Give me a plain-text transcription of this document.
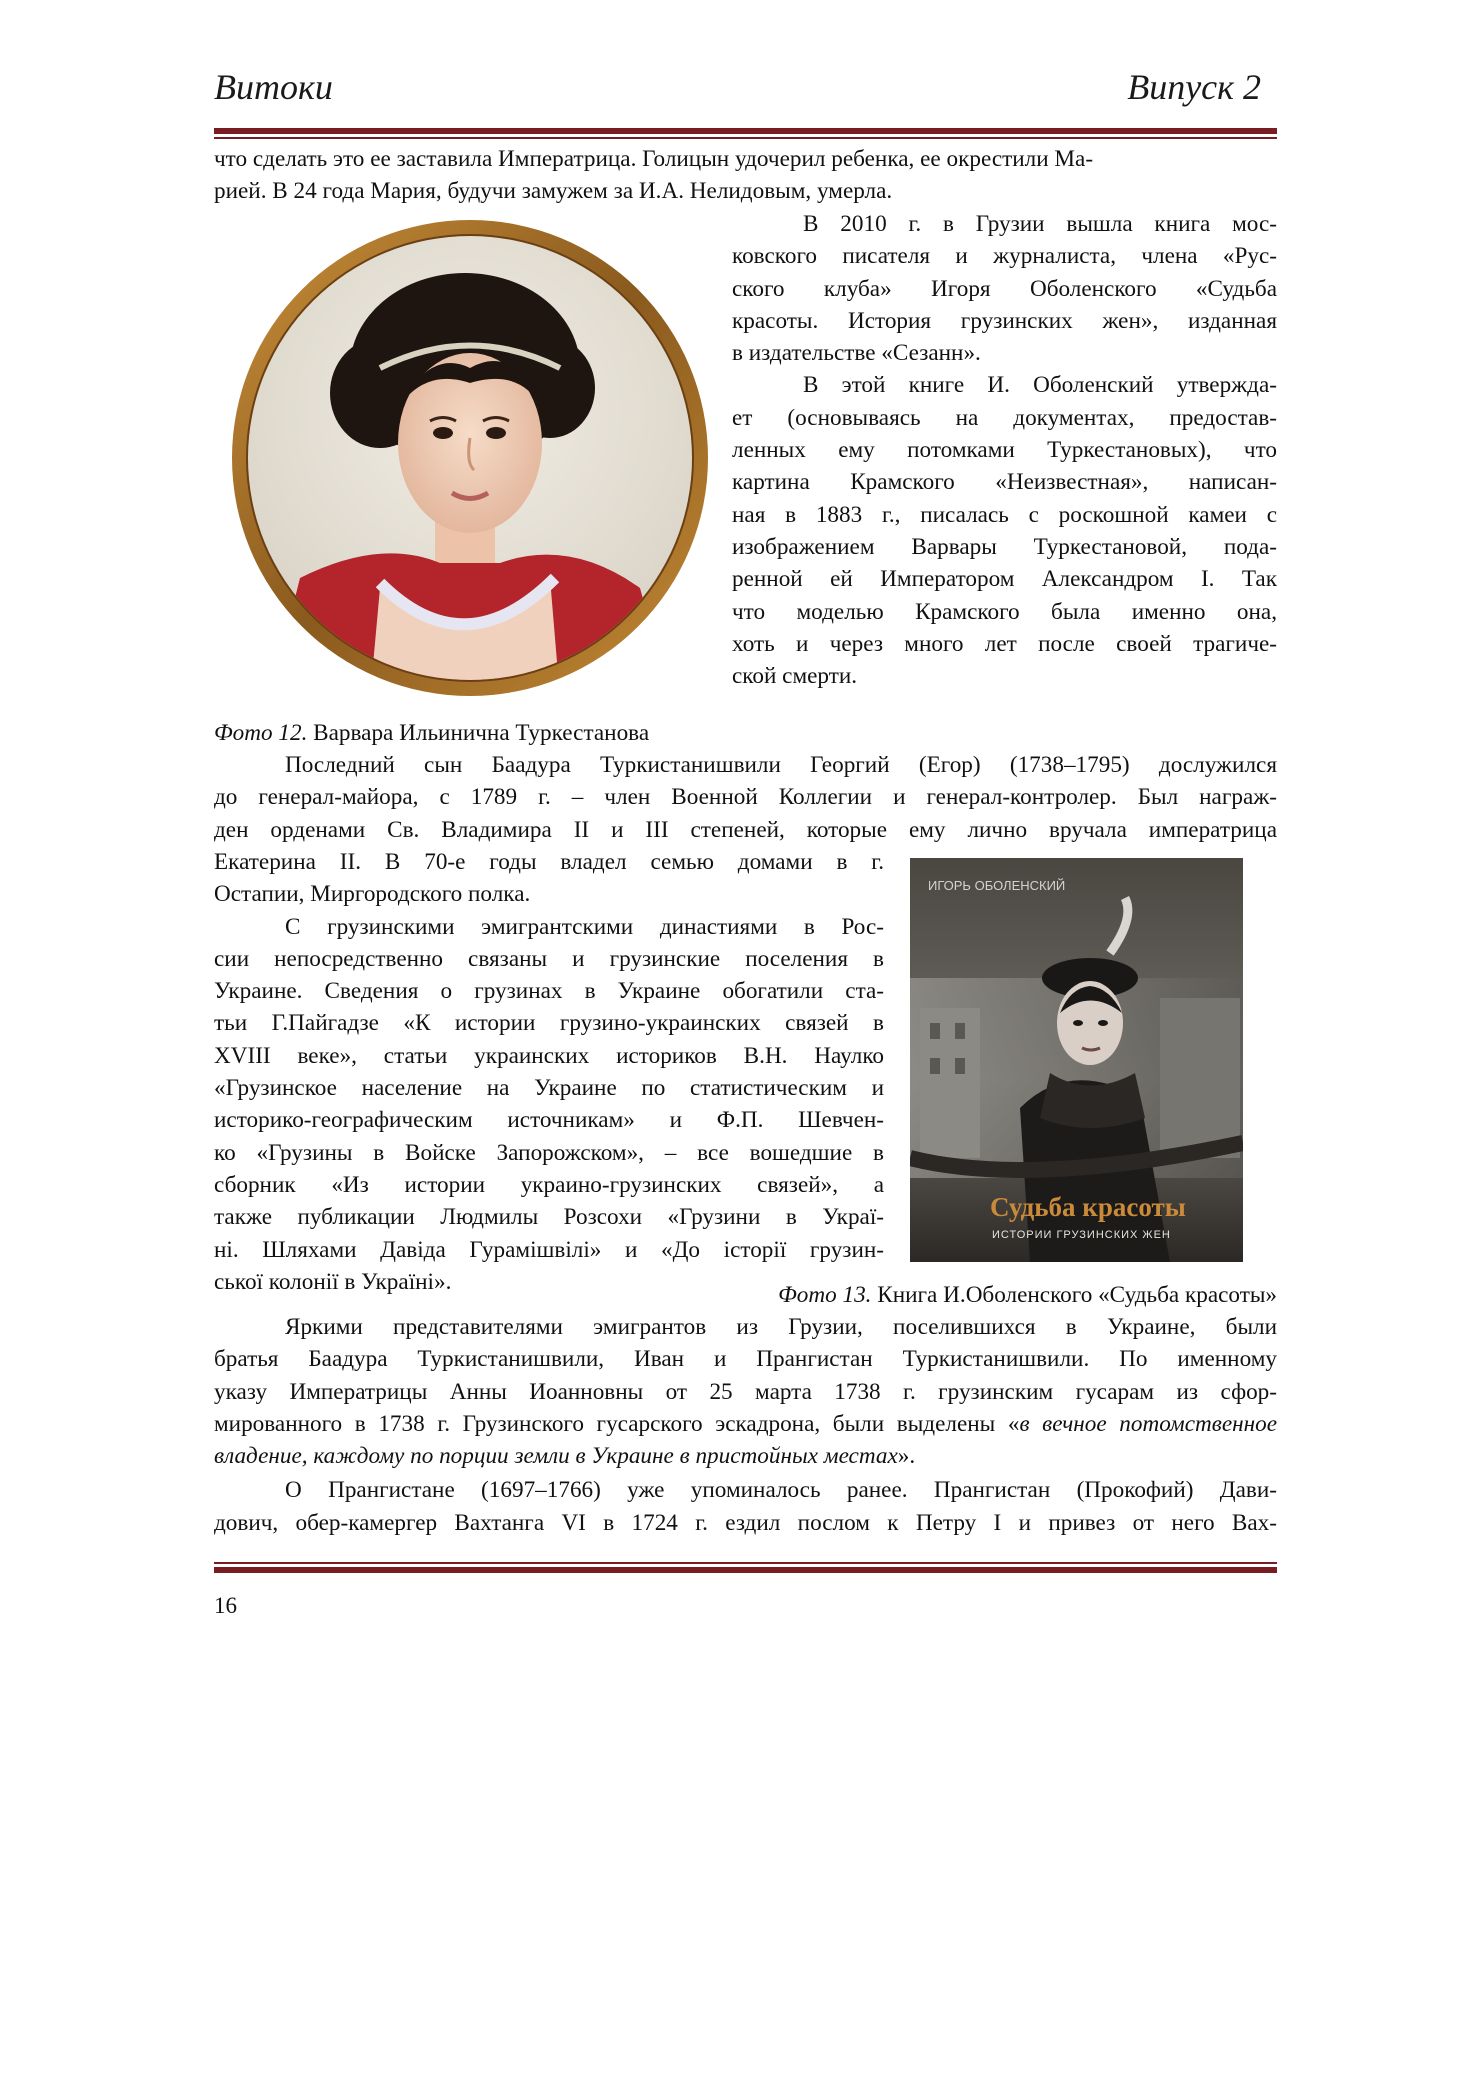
Витоки	Випуск 2

что сделать это ее заставила Императрица. Голицын удочерил ребенка, ее окрестили Ма-

рией. В 24 года Мария, будучи замужем за И.А. Нелидовым, умерла.

В 2010 г. в Грузии вышла книга мос-

ковского писателя и журналиста, члена «Рус-

ского клуба» Игоря Оболенского «Судьба

красоты. История грузинских жен», изданная

в издательстве «Сезанн».

В этой книге И. Оболенский утвержда-

ет (основываясь на документах, предостав-

ленных ему потомками Туркестановых), что

картина Крамского «Неизвестная», написан-

ная в 1883 г., писалась с роскошной камеи с

изображением Варвары Туркестановой, пода-

ренной ей Императором Александром I. Так

что моделью Крамского была именно она,

хоть и через много лет после своей трагиче-

ской смерти.

Фото 12. Варвара Ильинична Туркестанова

Последний сын Баадура Туркистанишвили Георгий (Егор) (1738–1795) дослужился

до генерал-майора, с 1789 г. – член Военной Коллегии и генерал-контролер. Был награж-

ден орденами Св. Владимира II и III степеней, которые ему лично вручала императрица

Екатерина II. В 70-е годы владел семью домами в г.

Остапии, Миргородского полка.

С грузинскими эмигрантскими династиями в Рос-

сии непосредственно связаны и грузинские поселения в

Украине. Сведения о грузинах в Украине обогатили ста-

тьи Г.Пайгадзе «К истории грузино-украинских связей в

XVIII веке», статьи украинских историков В.Н. Наулко

«Грузинское население на Украине по статистическим и

историко-географическим источникам» и Ф.П. Шевчен-

ко «Грузины в Войске Запорожском», – все вошедшие в

сборник «Из истории украино-грузинских связей», а

также публикации Людмилы Розсохи «Грузини в Украї-

ні. Шляхами Давіда Гурамішвілі» и «До історії грузин-

ської колонії в Україні».

ИГОРЬ ОБОЛЕНСКИЙ
Судьба красоты
ИСТОРИИ ГРУЗИНСКИХ ЖЕН
Фото 13. Книга И.Оболенского «Судьба красоты»

Яркими представителями эмигрантов из Грузии, поселившихся в Украине, были

братья Баадура Туркистанишвили, Иван и Прангистан Туркистанишвили. По именному

указу Императрицы Анны Иоанновны от 25 марта 1738 г. грузинским гусарам из сфор-

мированного в 1738 г. Грузинского гусарского эскадрона, были выделены «в вечное потомственное владение, каждому по порции земли в Украине в пристойных местах».

О Прангистане (1697–1766) уже упоминалось ранее. Прангистан (Прокофий) Дави-

дович, обер-камергер Вахтанга VI в 1724 г. ездил послом к Петру I и привез от него Вах-

16
